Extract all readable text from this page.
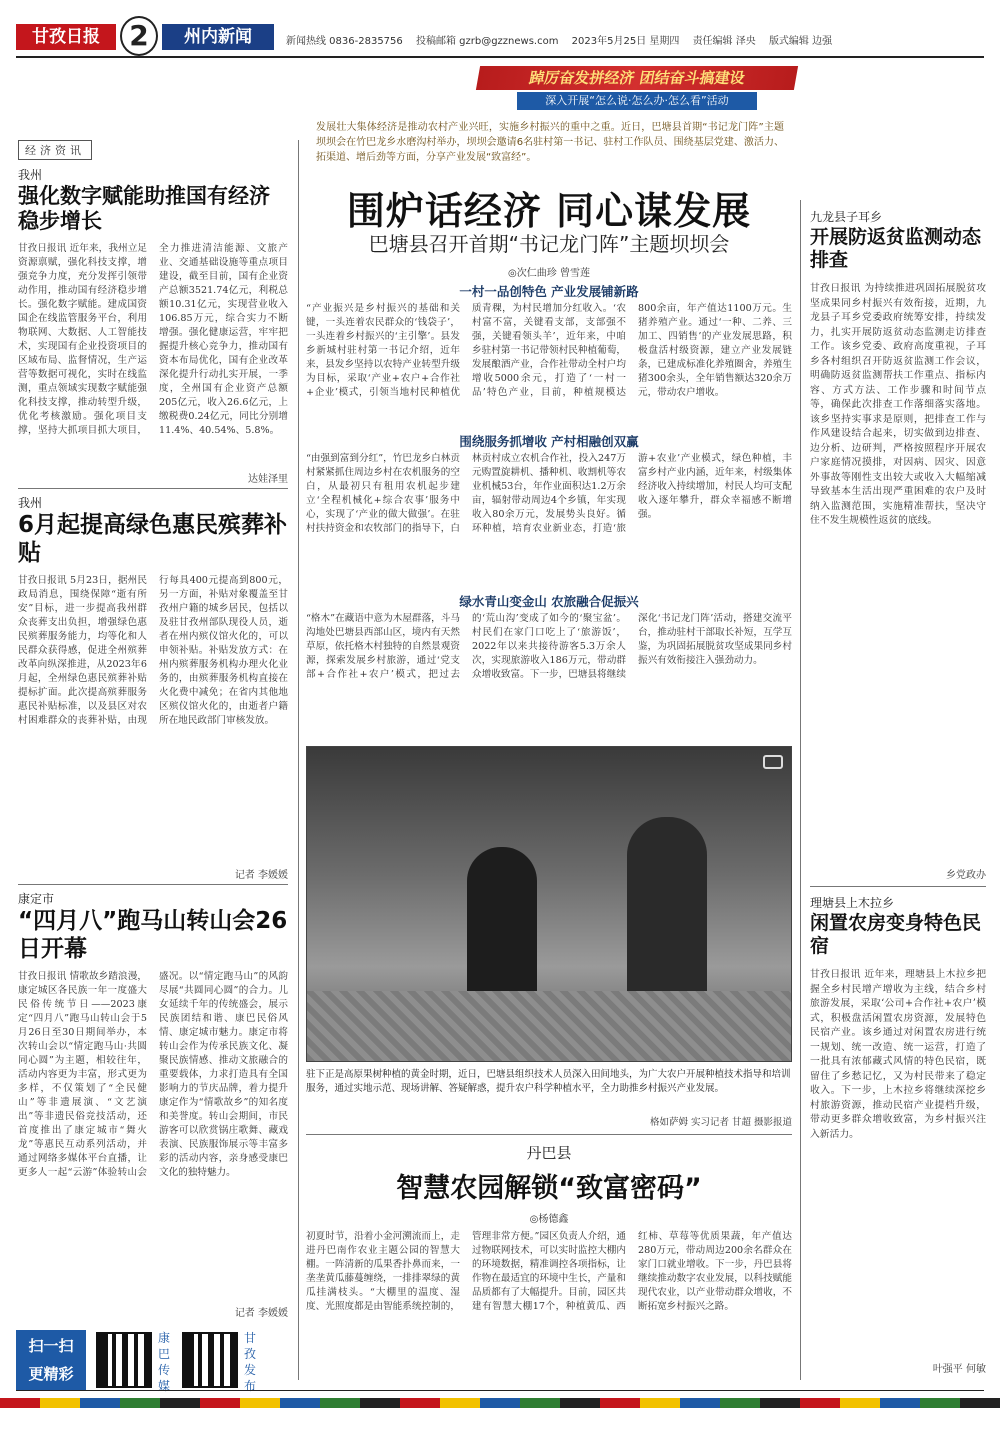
甘孜日报	2	州内新闻	新闻热线 0836-2835756 投稿邮箱 gzrb@gzznews.com 2023年5月25日 星期四 责任编辑 泽央 版式编辑 边强
踔厉奋发拼经济 团结奋斗搞建设
深入开展“怎么说·怎么办·怎么看”活动
经济资讯
我州
强化数字赋能助推国有经济稳步增长
甘孜日报讯 近年来，我州立足资源禀赋，强化科技支撑，增强竞争力度，充分发挥引领带动作用，推动国有经济稳步增长。强化数字赋能。建成国资国企在线监管服务平台，利用物联网、大数据、人工智能技术，实现国有企业投资项目的区域布局、监督情况，生产运营等数据可视化，实时在线监测，重点领域实现数字赋能强化科技支撑，推动转型升级，优化考核激励。强化项目支撑，坚持大抓项目抓大项目，全力推进清洁能源、文旅产业、交通基础设施等重点项目建设，截至目前，国有企业资产总额3521.74亿元，利税总额10.31亿元，实现营业收入106.85万元，综合实力不断增强。强化健康运营，牢牢把握提升核心竞争力，推动国有资本布局优化，国有企业改革深化提升行动扎实开展，一季度，全州国有企业资产总额205亿元，收入26.6亿元，上缴税费0.24亿元，同比分别增11.4%、40.54%、5.8%。
达娃泽里
我州
6月起提高绿色惠民殡葬补贴
甘孜日报讯 5月23日，据州民政局消息，围绕保障“逝有所安”目标，进一步提高我州群众丧葬支出负担，增强绿色惠民殡葬服务能力，均等化和人民群众获得感，促进全州殡葬改革向纵深推进，从2023年6月起，全州绿色惠民殡葬补贴提标扩面。此次提高殡葬服务惠民补贴标准，以及县区对农村困难群众的丧葬补贴，由现行每具400元提高到800元，另一方面，补贴对象覆盖至甘孜州户籍的城乡居民，包括以及驻甘孜州部队现役人员，逝者在州内殡仪馆火化的，可以申领补贴。补贴发放方式：在州内殡葬服务机构办理火化业务的，由殡葬服务机构直接在火化费中减免；在省内其他地区殡仪馆火化的，由逝者户籍所在地民政部门审核发放。
记者 李媛媛
康定市
“四月八”跑马山转山会26日开幕
甘孜日报讯 情歌故乡踏浪漫，康定城区各民族一年一度盛大民俗传统节日——2023康定“四月八”跑马山转山会于5月26日至30日期间举办，本次转山会以“情定跑马山·共圆同心圆”为主题，相较往年，活动内容更为丰富，形式更为多样，不仅策划了“全民健山”等非遗展演、“文艺演出”等非遗民俗竞技活动，还首度推出了康定城市“舞火龙”等惠民互动系列活动，并通过网络多媒体平台直播，让更多人一起“云游”体验转山会盛况。以“情定跑马山”的风韵尽展“共圆同心圆”的合力。儿女延续千年的传统盛会，展示民族团结和谐、康巴民俗风情、康定城市魅力。康定市将转山会作为传承民族文化、凝聚民族情感、推动文旅融合的重要载体，力求打造具有全国影响力的节庆品牌，着力提升康定作为“情歌故乡”的知名度和美誉度。转山会期间，市民游客可以欣赏锅庄歌舞、藏戏表演、民族服饰展示等丰富多彩的活动内容，亲身感受康巴文化的独特魅力。
记者 李媛媛
扫一扫
更精彩
康巴传媒
甘孜发布
发展壮大集体经济是推动农村产业兴旺，实施乡村振兴的重中之重。近日，巴塘县首期“书记龙门阵”主题坝坝会在竹巴龙乡水磨沟村举办，坝坝会邀请6名驻村第一书记、驻村工作队员、围绕基层党建、激活力、拓渠道、增后劲等方面，分享产业发展“致富经”。
围炉话经济 同心谋发展
巴塘县召开首期“书记龙门阵”主题坝坝会
◎次仁曲珍 曾雪莲
一村一品创特色 产业发展铺新路
“产业振兴是乡村振兴的基础和关键，一头连着农民群众的‘钱袋子’，一头连着乡村振兴的‘主引擎’。县发乡新城村驻村第一书记介绍，近年来，县发乡坚持以农特产业转型升级为目标，采取‘产业+农户+合作社+企业’模式，引领当地村民种植优质青稞，为村民增加分红收入。‘农村富不富，关键看支部，支部强不强，关键看领头羊’，近年来，中咱乡驻村第一书记带领村民种植葡萄，发展酿酒产业，合作社带动全村户均增收5000余元，打造了‘一村一品’特色产业，目前，种植规模达800余亩，年产值达1100万元。生猪养殖产业。通过‘一种、二养、三加工、四销售’的产业发展思路，积极盘活村级资源，建立产业发展链条，已建成标准化养殖圈舍，养殖生猪300余头，全年销售额达320余万元，带动农户增收。
围绕服务抓增收 产村相融创双赢
“由强到富到分红”，竹巴龙乡白林贡村紧紧抓住周边乡村在农机服务的空白，从最初只有租用农机起步建立‘全程机械化+综合农事’服务中心，实现了‘产业的做大做强’。在驻村扶持资金和农牧部门的指导下，白林贡村成立农机合作社，投入247万元购置旋耕机、播种机、收割机等农业机械53台，年作业面积达1.2万余亩，辐射带动周边4个乡镇，年实现收入80余万元，发展势头良好。循环种植，培育农业新业态，打造‘旅游+农业’产业模式，绿色种植，丰富乡村产业内涵，近年来，村级集体经济收入持续增加，村民人均可支配收入逐年攀升，群众幸福感不断增强。
绿水青山变金山 农旅融合促振兴
“格木”在藏语中意为木屋群落，斗马沟地处巴塘县西部山区，境内有天然草原，依托格木村独特的自然景观资源，探索发展乡村旅游，通过‘党支部+合作社+农户’模式，把过去的‘荒山沟’变成了如今的‘聚宝盆’。村民们在家门口吃上了‘旅游饭’，2022年以来共接待游客5.3万余人次，实现旅游收入186万元，带动群众增收致富。下一步，巴塘县将继续深化‘书记龙门阵’活动，搭建交流平台，推动驻村干部取长补短，互学互鉴，为巩固拓展脱贫攻坚成果同乡村振兴有效衔接注入强劲动力。
驻下正是高原果树种植的黄金时期，近日，巴塘县组织技术人员深入田间地头，为广大农户开展种植技术指导和培训服务，通过实地示范、现场讲解、答疑解惑，提升农户科学种植水平，全力助推乡村振兴产业发展。
格如萨姆 实习记者 甘超 摄影报道
丹巴县
智慧农园解锁“致富密码”
◎杨德鑫
初夏时节，沿着小金河溯流而上，走进丹巴南作农业主题公园的智慧大棚。一阵清新的瓜果香扑鼻而来，一垄垄黄瓜藤蔓缠绕，一排排翠绿的黄瓜挂满枝头。“大棚里的温度、湿度、光照度都是由智能系统控制的，管理非常方便。”园区负责人介绍，通过物联网技术，可以实时监控大棚内的环境数据，精准调控各项指标，让作物在最适宜的环境中生长，产量和品质都有了大幅提升。目前，园区共建有智慧大棚17个，种植黄瓜、西红柿、草莓等优质果蔬，年产值达280万元，带动周边200余名群众在家门口就业增收。下一步，丹巴县将继续推动数字农业发展，以科技赋能现代农业，以产业带动群众增收，不断拓宽乡村振兴之路。
九龙县子耳乡
开展防返贫监测动态排查
甘孜日报讯 为持续推进巩固拓展脱贫攻坚成果同乡村振兴有效衔接，近期，九龙县子耳乡党委政府统筹安排，持续发力，扎实开展防返贫动态监测走访排查工作。该乡党委、政府高度重视，子耳乡各村组织召开防返贫监测工作会议，明确防返贫监测帮扶工作重点、指标内容、方式方法、工作步骤和时间节点等，确保此次排查工作落细落实落地。该乡坚持实事求是原则，把排查工作与作风建设结合起来，切实做到边排查、边分析、边研判，严格按照程序开展农户家庭情况摸排，对因病、因灾、因意外事故等刚性支出较大或收入大幅缩减导致基本生活出现严重困难的农户及时纳入监测范围，实施精准帮扶，坚决守住不发生规模性返贫的底线。
乡党政办
理塘县上木拉乡
闲置农房变身特色民宿
甘孜日报讯 近年来，理塘县上木拉乡把握全乡村民增产增收为主线，结合乡村旅游发展，采取‘公司+合作社+农户’模式，积极盘活闲置农房资源，发展特色民宿产业。该乡通过对闲置农房进行统一规划、统一改造、统一运营，打造了一批具有浓郁藏式风情的特色民宿，既留住了乡愁记忆，又为村民带来了稳定收入。下一步，上木拉乡将继续深挖乡村旅游资源，推动民宿产业提档升级，带动更多群众增收致富，为乡村振兴注入新活力。
叶强平 何敏
